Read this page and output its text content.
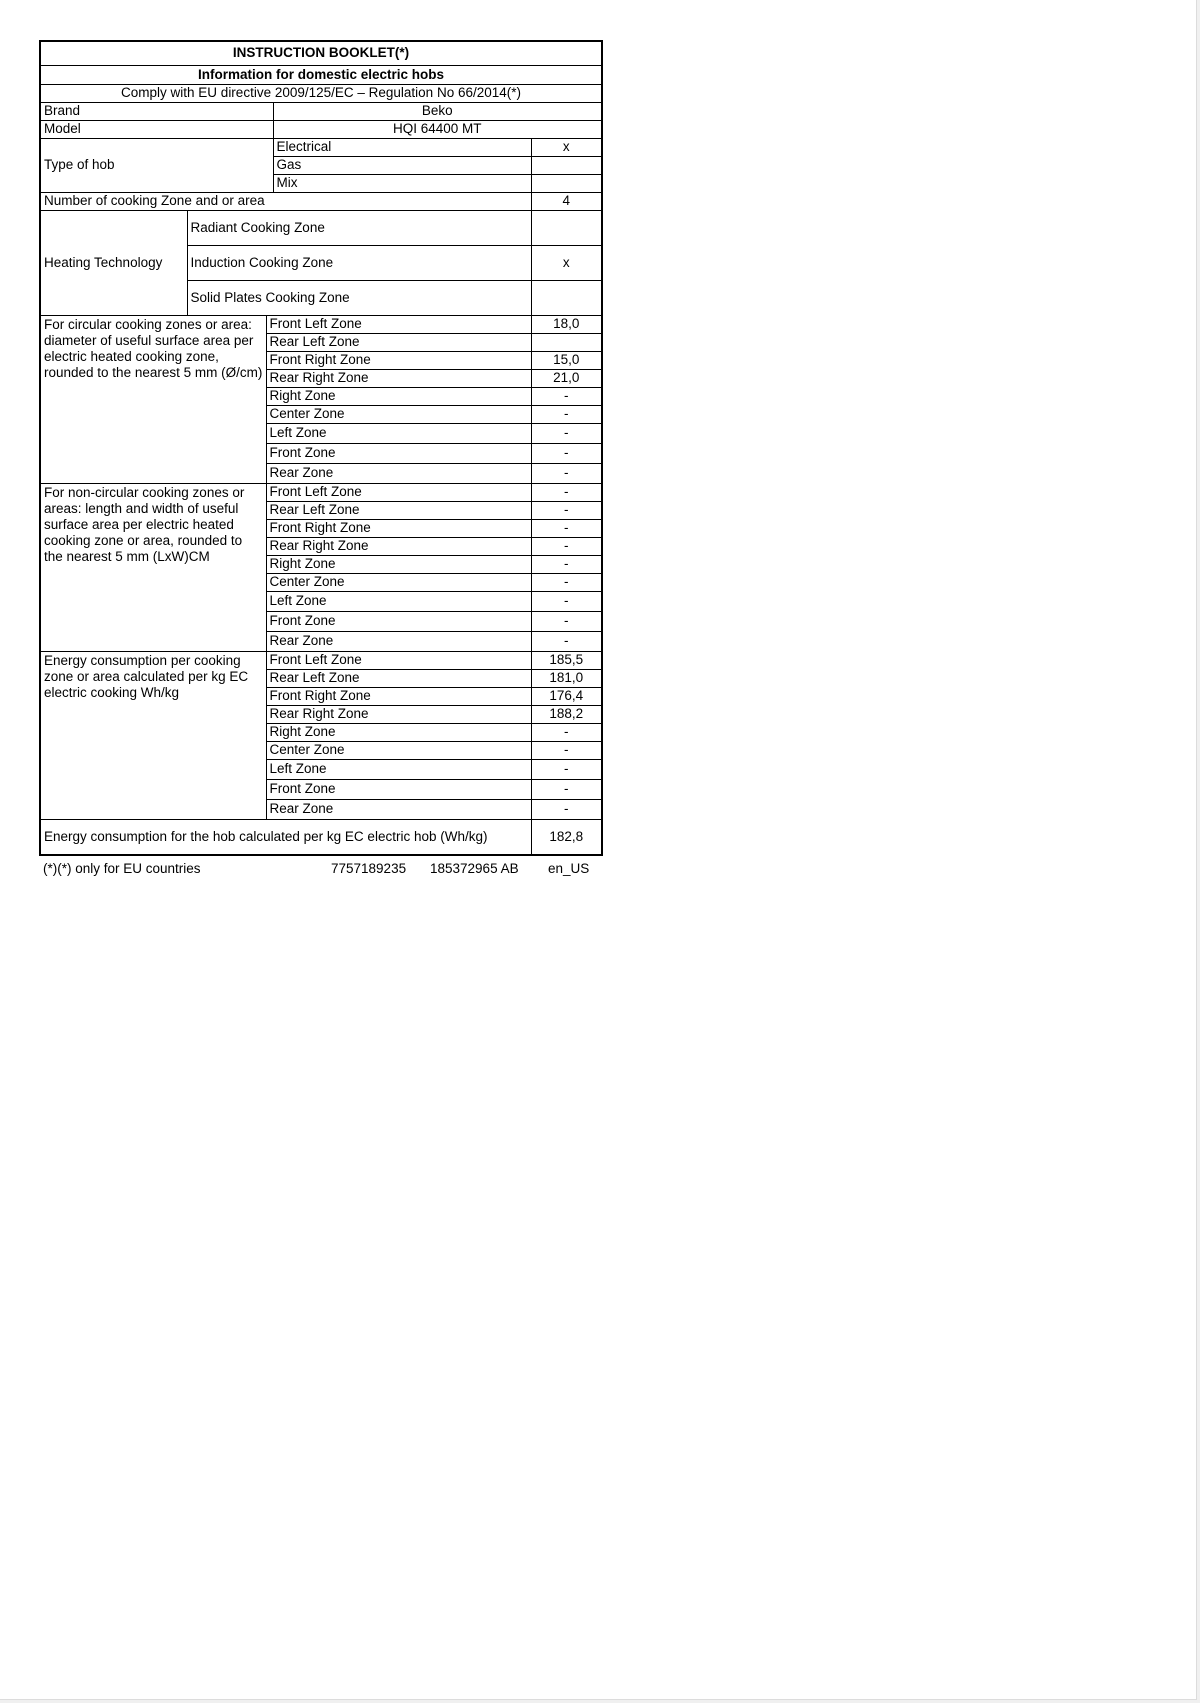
INSTRUCTION BOOKLET(*)				
Information for domestic electric hobs				
Comply with EU directive 2009/125/EC – Regulation No 66/2014(*)				
Brand			Beko	
Model			HQI 64400 MT	
Type of hob			Electrical	x
			Gas	
			Mix	
Number of cooking Zone and or area				4
Heating Technology	Radiant Cooking Zone			
	Induction Cooking Zone			x
	Solid Plates Cooking Zone			
For circular cooking zones or area: diameter of useful surface area per electric heated cooking zone, rounded to the nearest 5 mm (Ø/cm)		Front Left Zone		18,0
		Rear Left Zone		
		Front Right Zone		15,0
		Rear Right Zone		21,0
		Right Zone		-
		Center Zone		-
		Left Zone		-
		Front Zone		-
		Rear Zone		-
For non-circular cooking zones or areas: length and width of useful surface area per electric heated cooking zone or area, rounded to the nearest 5 mm (LxW)CM		Front Left Zone		-
		Rear Left Zone		-
		Front Right Zone		-
		Rear Right Zone		-
		Right Zone		-
		Center Zone		-
		Left Zone		-
		Front Zone		-
		Rear Zone		-
Energy consumption per cooking zone or area calculated per kg EC electric cooking Wh/kg		Front Left Zone		185,5
		Rear Left Zone		181,0
		Front Right Zone		176,4
		Rear Right Zone		188,2
		Right Zone		-
		Center Zone		-
		Left Zone		-
		Front Zone		-
		Rear Zone		-
Energy consumption for the hob calculated per kg EC electric hob (Wh/kg)				182,8
(*)(*) only for EU countries	7757189235 185372965 AB en_US
